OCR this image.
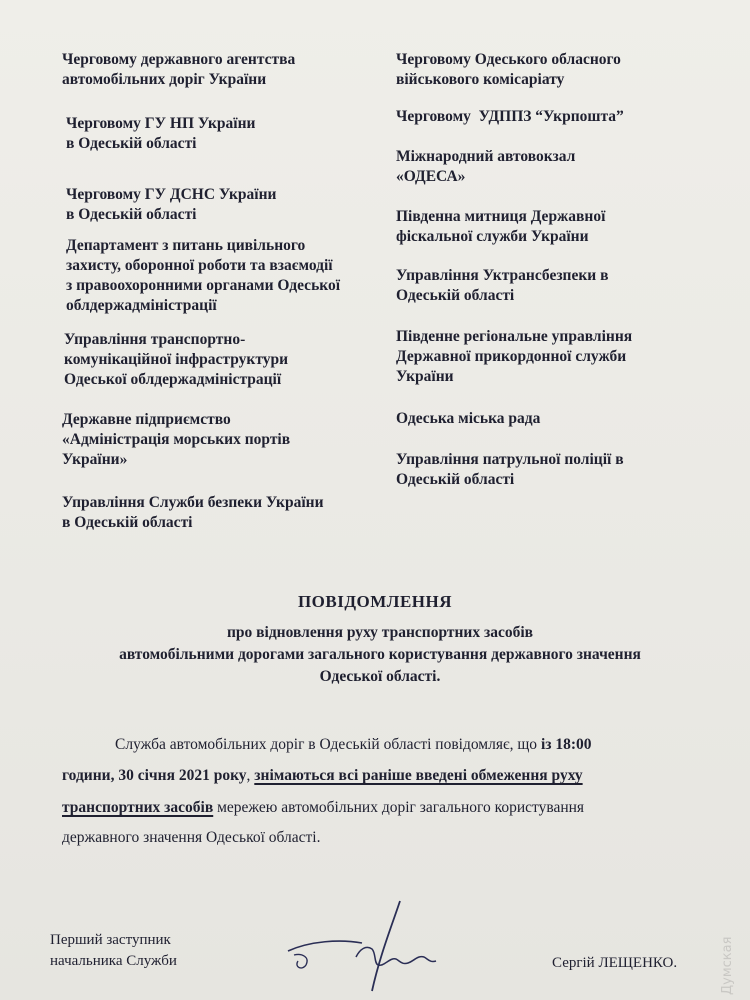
Черговому державного агентства
автомобільних доріг України
Черговому ГУ НП України
в Одеській області
Черговому ГУ ДСНС України
в Одеській області
Департамент з питань цивільного
захисту, оборонної роботи та взаємодії
з правоохоронними органами Одеської
облдержадміністрації
Управління транспортно-
комунікаційної інфраструктури
Одеської облдержадміністрації
Державне підприємство
«Адміністрація морських портів
України»
Управління Служби безпеки України
в Одеській області
Черговому Одеського обласного
військового комісаріату
Черговому  УДППЗ “Укрпошта”
Міжнародний автовокзал
«ОДЕСА»
Південна митниця Державної
фіскальної служби України
Управління Уктрансбезпеки в
Одеській області
Південне регіональне управління
Державної прикордонної служби
України
Одеська міська рада
Управління патрульної поліції в
Одеській області
ПОВІДОМЛЕННЯ
про відновлення руху транспортних засобів
автомобільними дорогами загального користування державного значення
Одеської області.
Служба автомобільних доріг в Одеській області повідомляє, що із 18:00
години, 30 січня 2021 року, знімаються всі раніше введені обмеження руху
транспортних засобів мережею автомобільних доріг загального користування
державного значення Одеської області.
Перший заступник
начальника Служби	Сергій ЛЕЩЕНКО.	Думская
